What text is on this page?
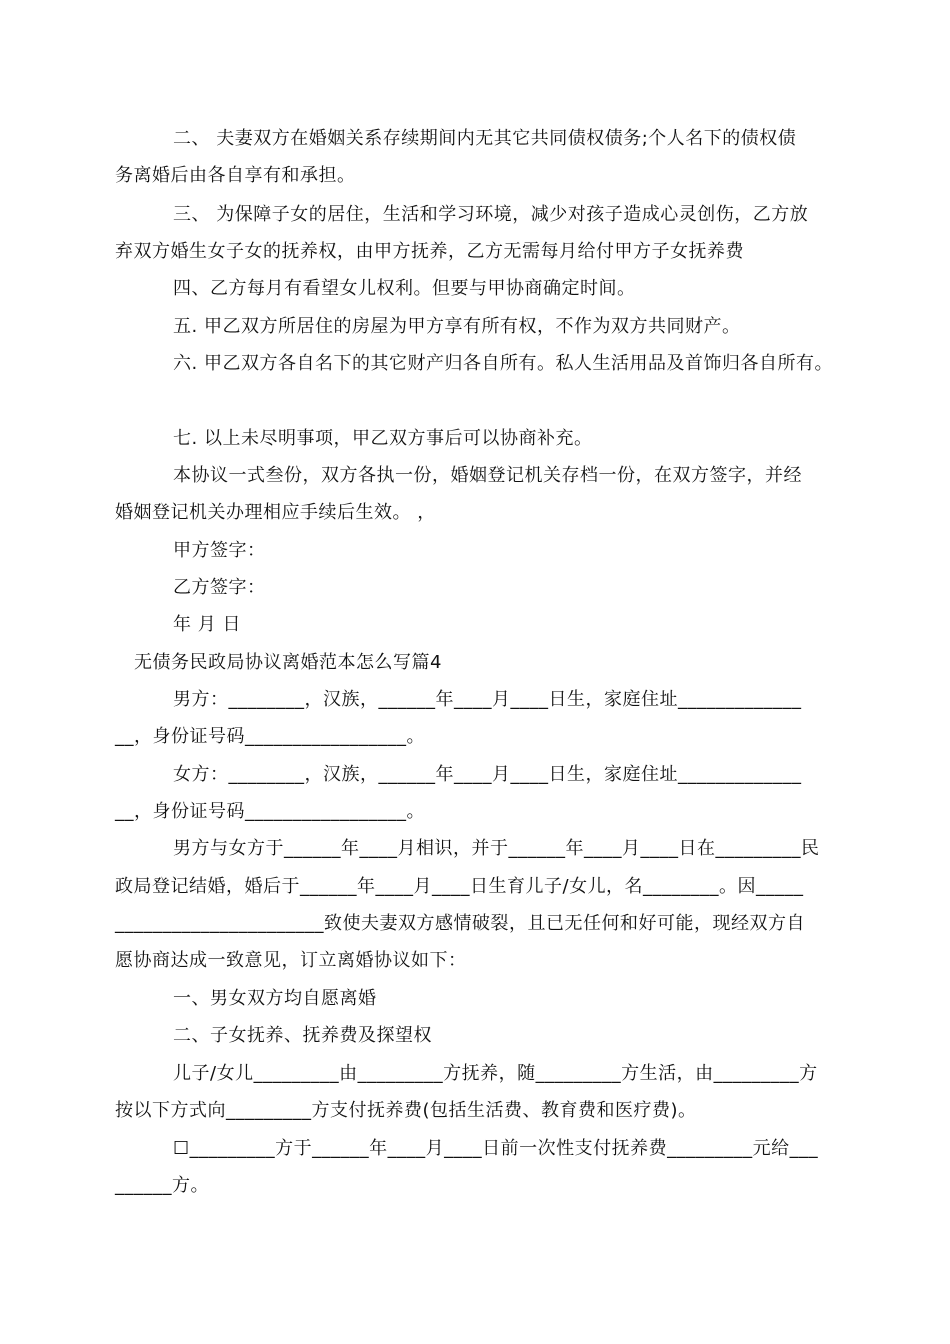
二、 夫妻双方在婚姻关系存续期间内无其它共同债权债务;个人名下的债权债
务离婚后由各自享有和承担。
三、 为保障子女的居住，生活和学习环境，减少对孩子造成心灵创伤，乙方放
弃双方婚生女子女的抚养权，由甲方抚养，乙方无需每月给付甲方子女抚养费
四、乙方每月有看望女儿权利。但要与甲协商确定时间。
五. 甲乙双方所居住的房屋为甲方享有所有权，不作为双方共同财产。
六. 甲乙双方各自名下的其它财产归各自所有。私人生活用品及首饰归各自所有。
七. 以上未尽明事项，甲乙双方事后可以协商补充。
本协议一式叁份，双方各执一份，婚姻登记机关存档一份，在双方签字，并经
婚姻登记机关办理相应手续后生效。 ，
甲方签字：
乙方签字：
年 月 日
无债务民政局协议离婚范本怎么写篇4
男方：________，汉族，______年____月____日生，家庭住址_____________
__，身份证号码_________________。
女方：________，汉族，______年____月____日生，家庭住址_____________
__，身份证号码_________________。
男方与女方于______年____月相识，并于______年____月____日在_________民
政局登记结婚，婚后于______年____月____日生育儿子/女儿，名________。因_____
______________________致使夫妻双方感情破裂，且已无任何和好可能，现经双方自
愿协商达成一致意见，订立离婚协议如下：
一、男女双方均自愿离婚
二、子女抚养、抚养费及探望权
儿子/女儿_________由_________方抚养，随_________方生活，由_________方
按以下方式向_________方支付抚养费(包括生活费、教育费和医疗费)。
☐_________方于______年____月____日前一次性支付抚养费_________元给___
______方。
